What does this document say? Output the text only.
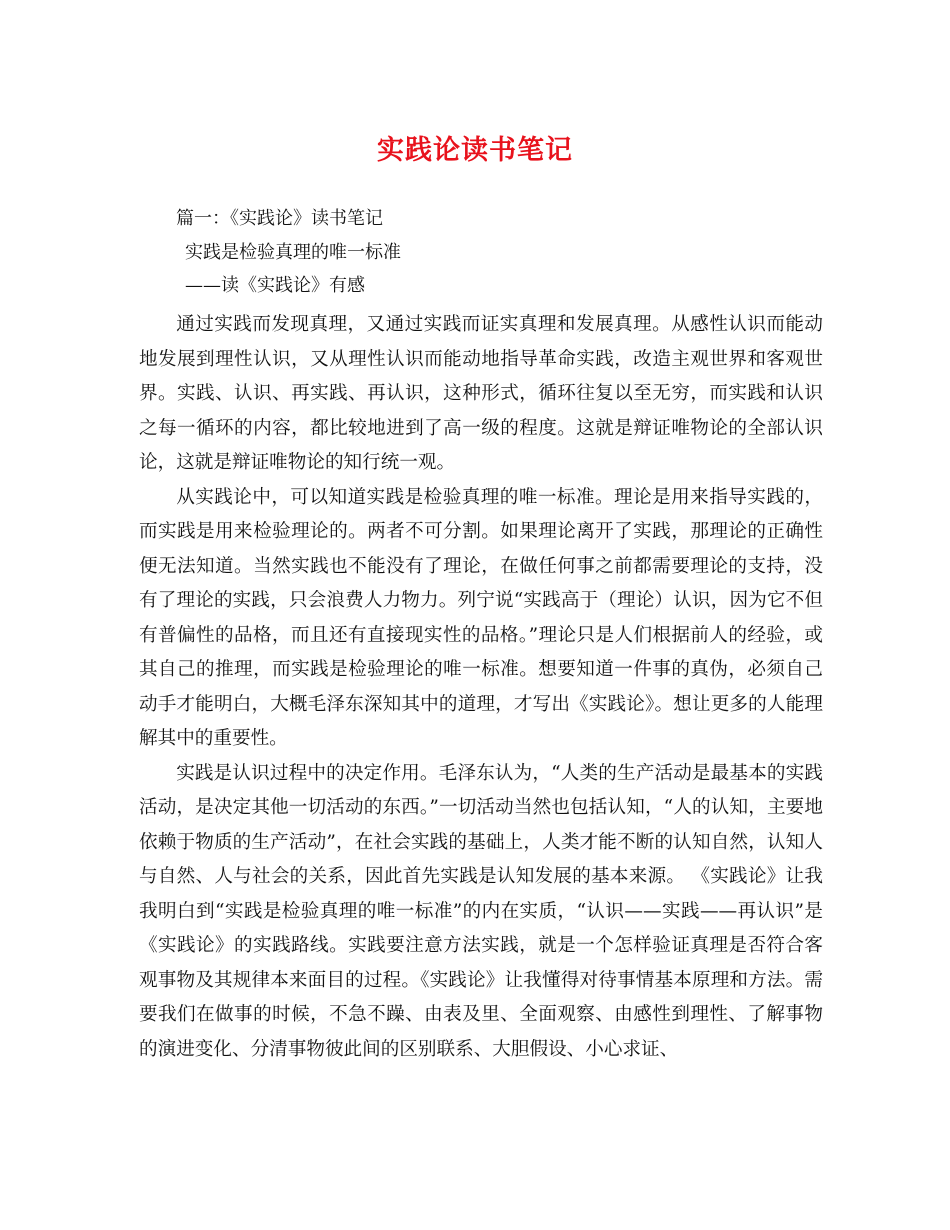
实践论读书笔记

篇一：《实践论》读书笔记

实践是检验真理的唯一标准

——读《实践论》有感

通过实践而发现真理，又通过实践而证实真理和发展真理。从感性认识而能动地发展到理性认识，又从理性认识而能动地指导革命实践，改造主观世界和客观世界。实践、认识、再实践、再认识，这种形式，循环往复以至无穷，而实践和认识之每一循环的内容，都比较地进到了高一级的程度。这就是辩证唯物论的全部认识论，这就是辩证唯物论的知行统一观。

从实践论中，可以知道实践是检验真理的唯一标准。理论是用来指导实践的，而实践是用来检验理论的。两者不可分割。如果理论离开了实践，那理论的正确性便无法知道。当然实践也不能没有了理论，在做任何事之前都需要理论的支持，没有了理论的实践，只会浪费人力物力。列宁说“实践高于（理论）认识，因为它不但有普偏性的品格，而且还有直接现实性的品格。”理论只是人们根据前人的经验，或其自己的推理，而实践是检验理论的唯一标准。想要知道一件事的真伪，必须自己动手才能明白，大概毛泽东深知其中的道理，才写出《实践论》。想让更多的人能理解其中的重要性。

实践是认识过程中的决定作用。毛泽东认为，“人类的生产活动是最基本的实践活动，是决定其他一切活动的东西。”一切活动当然也包括认知，“人的认知，主要地依赖于物质的生产活动”，在社会实践的基础上，人类才能不断的认知自然，认知人与自然、人与社会的关系，因此首先实践是认知发展的基本来源。 《实践论》让我我明白到“实践是检验真理的唯一标准”的内在实质，“认识——实践——再认识”是《实践论》的实践路线。实践要注意方法实践，就是一个怎样验证真理是否符合客观事物及其规律本来面目的过程。《实践论》让我懂得对待事情基本原理和方法。需要我们在做事的时候，不急不躁、由表及里、全面观察、由感性到理性、了解事物的演进变化、分清事物彼此间的区别联系、大胆假设、小心求证、
